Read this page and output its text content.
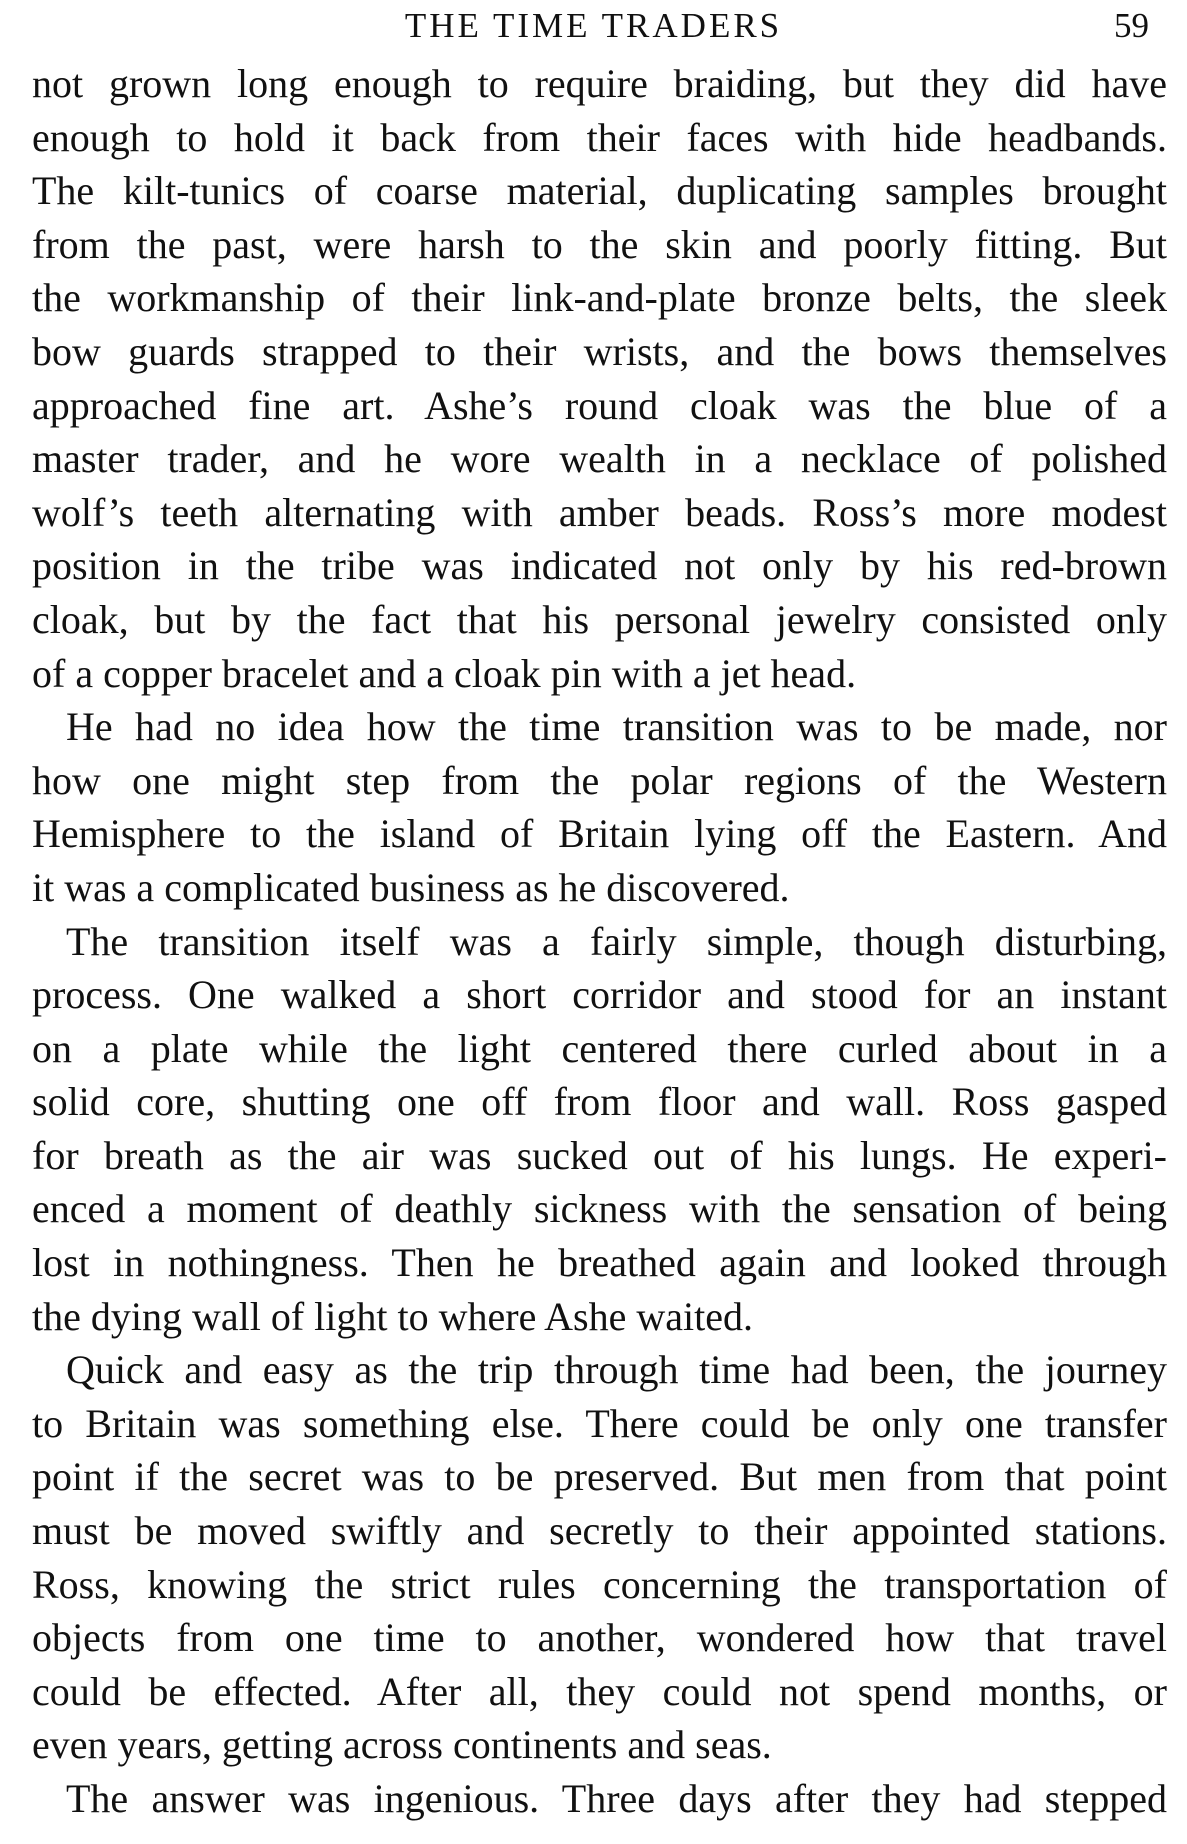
THE TIME TRADERS	59
not grown long enough to require braiding, but they did have
enough to hold it back from their faces with hide headbands.
The kilt-tunics of coarse material, duplicating samples brought
from the past, were harsh to the skin and poorly fitting. But
the workmanship of their link-and-plate bronze belts, the sleek
bow guards strapped to their wrists, and the bows themselves
approached fine art. Ashe’s round cloak was the blue of a
master trader, and he wore wealth in a necklace of polished
wolf’s teeth alternating with amber beads. Ross’s more modest
position in the tribe was indicated not only by his red-brown
cloak, but by the fact that his personal jewelry consisted only
of a copper bracelet and a cloak pin with a jet head.
He had no idea how the time transition was to be made, nor
how one might step from the polar regions of the Western
Hemisphere to the island of Britain lying off the Eastern. And
it was a complicated business as he discovered.
The transition itself was a fairly simple, though disturbing,
process. One walked a short corridor and stood for an instant
on a plate while the light centered there curled about in a
solid core, shutting one off from floor and wall. Ross gasped
for breath as the air was sucked out of his lungs. He experi-
enced a moment of deathly sickness with the sensation of being
lost in nothingness. Then he breathed again and looked through
the dying wall of light to where Ashe waited.
Quick and easy as the trip through time had been, the journey
to Britain was something else. There could be only one transfer
point if the secret was to be preserved. But men from that point
must be moved swiftly and secretly to their appointed stations.
Ross, knowing the strict rules concerning the transportation of
objects from one time to another, wondered how that travel
could be effected. After all, they could not spend months, or
even years, getting across continents and seas.
The answer was ingenious. Three days after they had stepped
